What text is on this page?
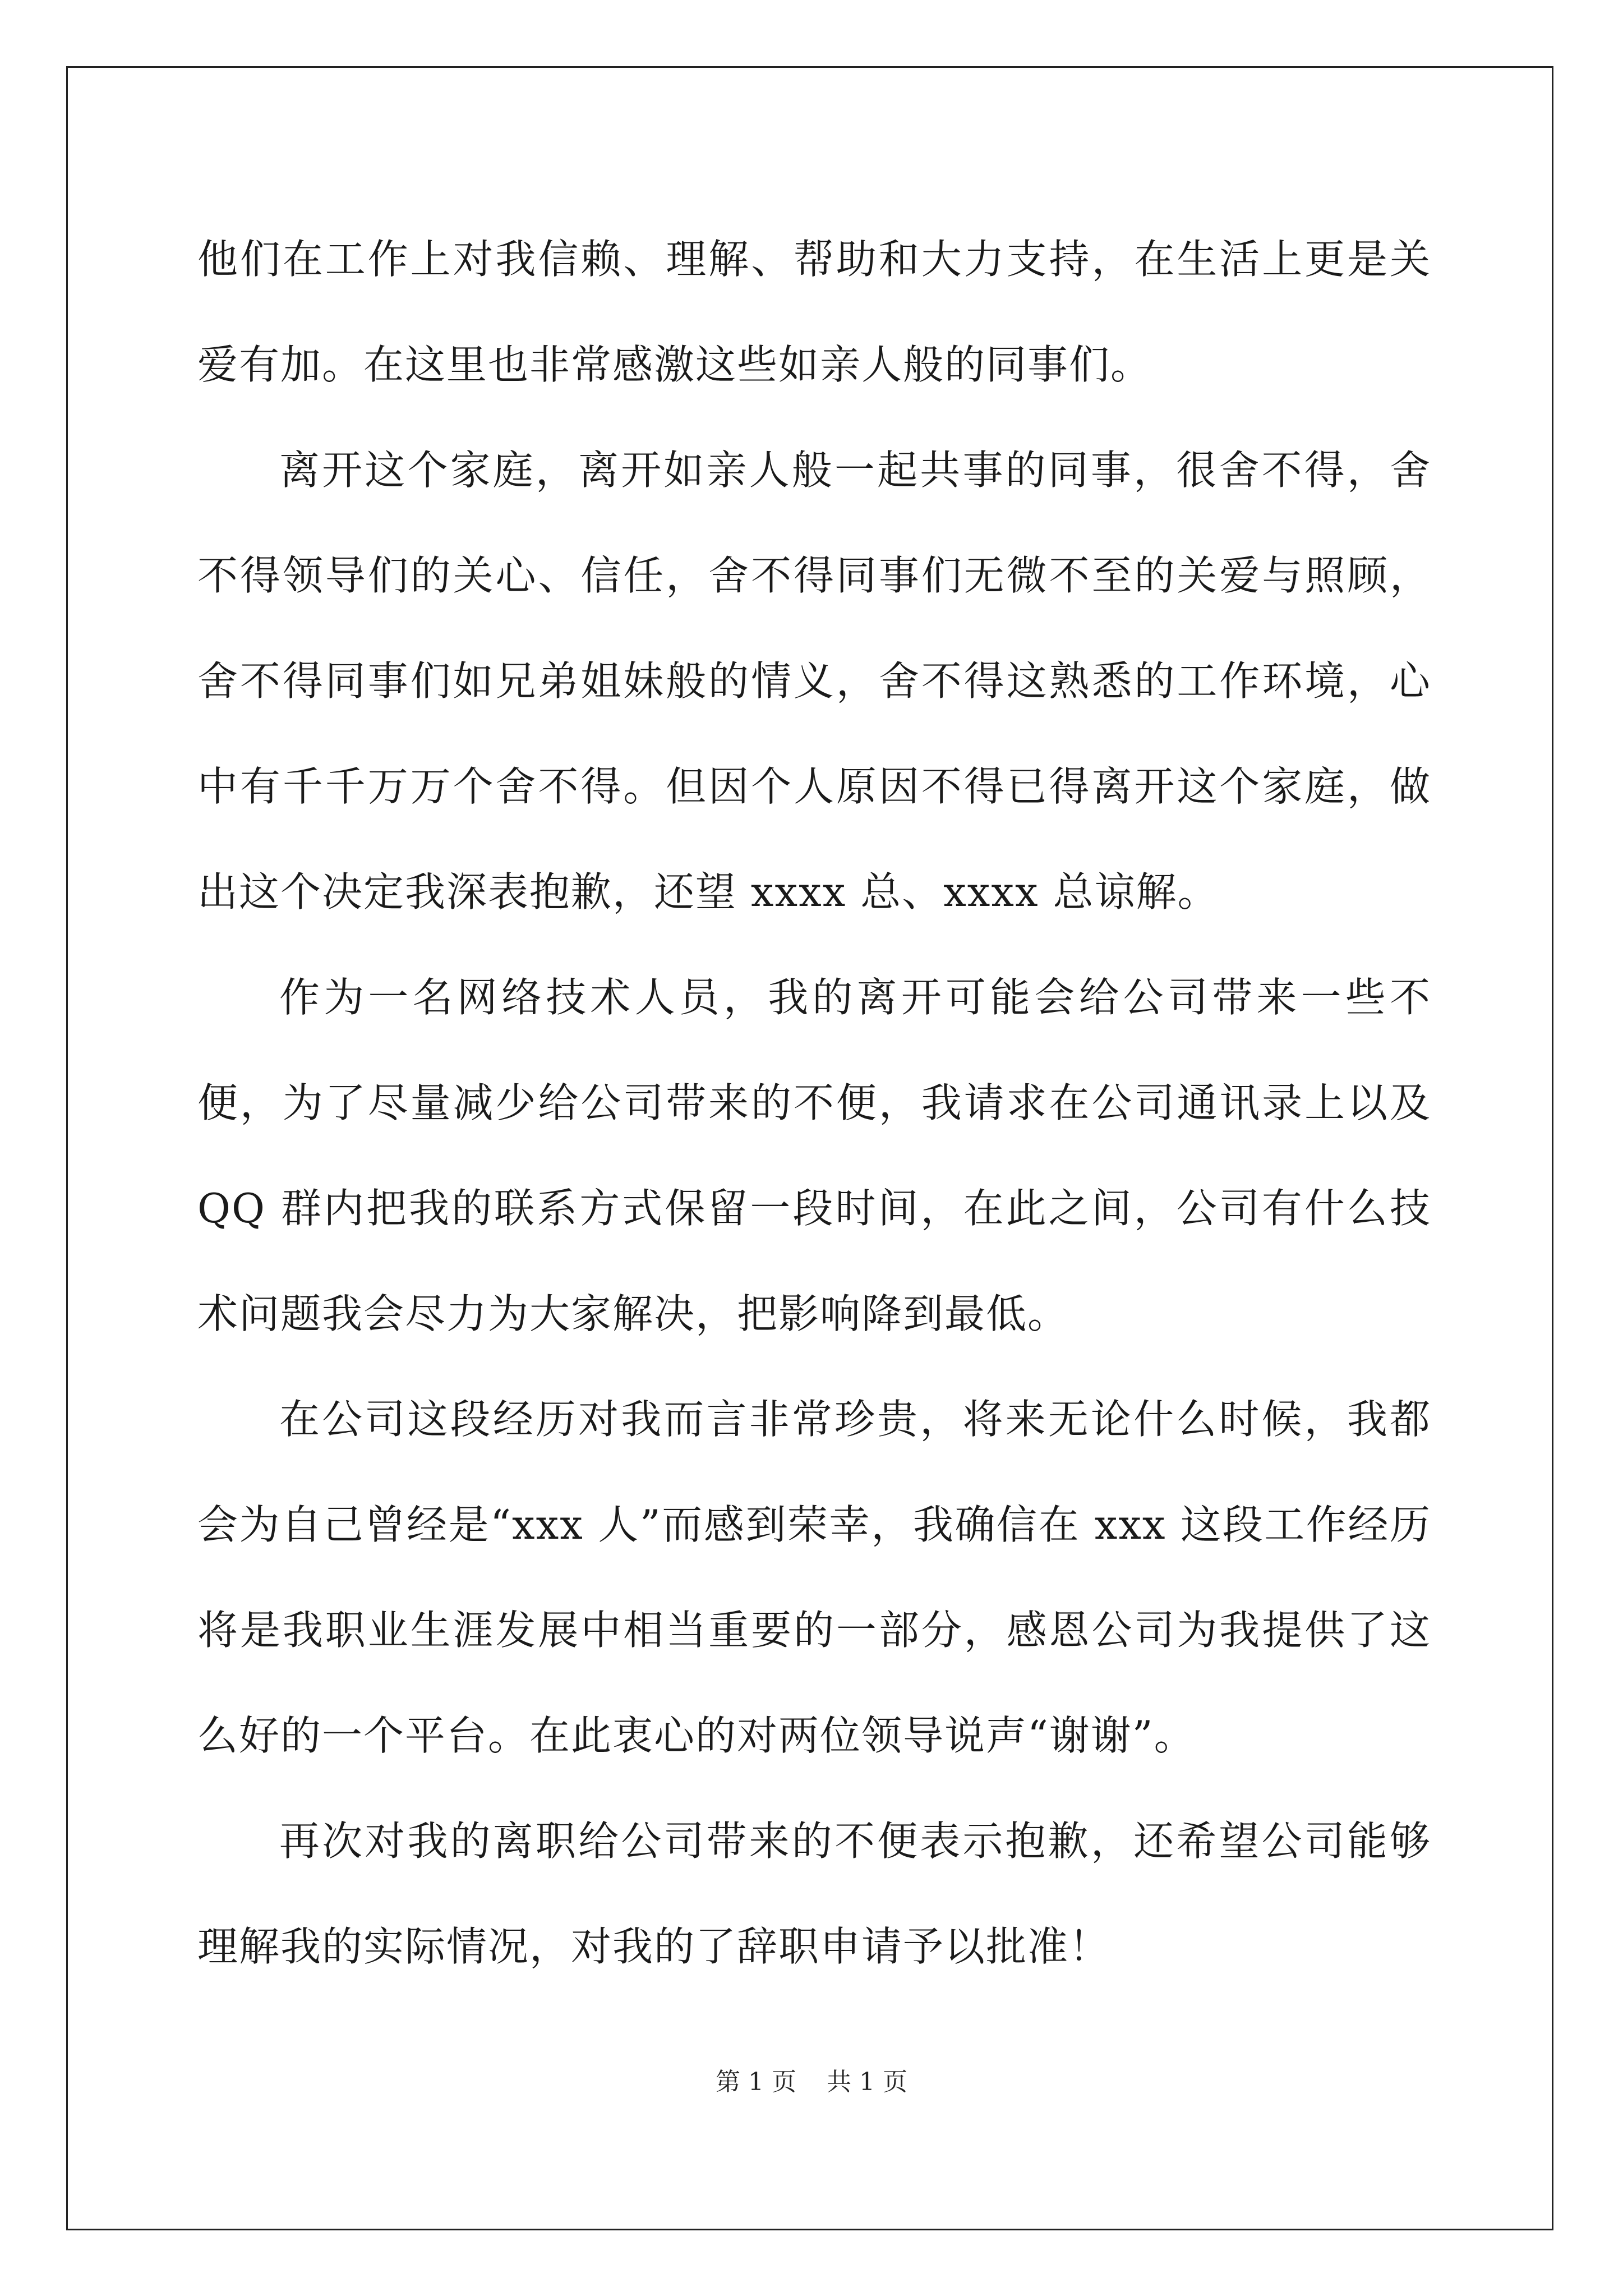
他们在工作上对我信赖、理解、帮助和大力支持，在生活上更是关爱有加。在这里也非常感激这些如亲人般的同事们。

离开这个家庭，离开如亲人般一起共事的同事，很舍不得，舍不得领导们的关心、信任，舍不得同事们无微不至的关爱与照顾，舍不得同事们如兄弟姐妹般的情义，舍不得这熟悉的工作环境，心中有千千万万个舍不得。但因个人原因不得已得离开这个家庭，做出这个决定我深表抱歉，还望 xxxx 总、xxxx 总谅解。

作为一名网络技术人员，我的离开可能会给公司带来一些不便，为了尽量减少给公司带来的不便，我请求在公司通讯录上以及 QQ 群内把我的联系方式保留一段时间，在此之间，公司有什么技术问题我会尽力为大家解决，把影响降到最低。

在公司这段经历对我而言非常珍贵，将来无论什么时候，我都会为自己曾经是“xxx 人”而感到荣幸，我确信在 xxx 这段工作经历将是我职业生涯发展中相当重要的一部分，感恩公司为我提供了这么好的一个平台。在此衷心的对两位领导说声“谢谢”。

再次对我的离职给公司带来的不便表示抱歉，还希望公司能够理解我的实际情况，对我的了辞职申请予以批准！

第 1 页 共 1 页
